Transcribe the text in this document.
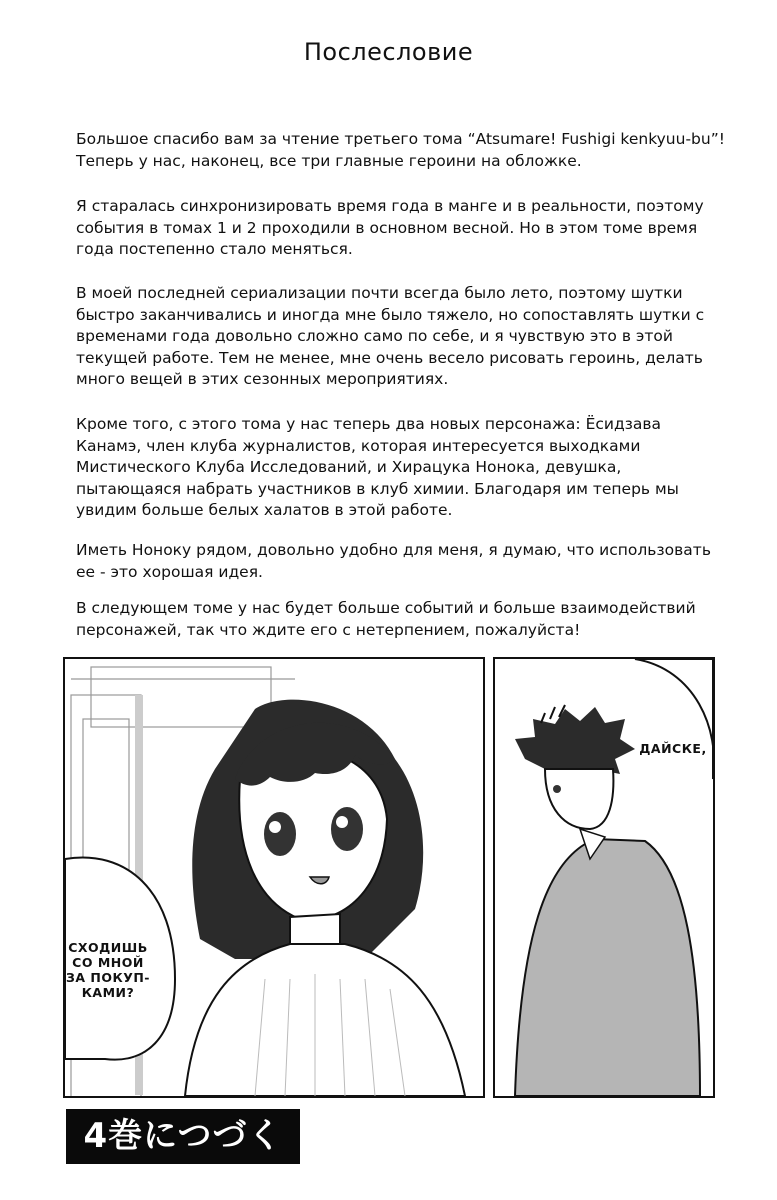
Послесловие

Большое спасибо вам за чтение третьего тома “Atsumare! Fushigi kenkyuu-bu”! Теперь у нас, наконец, все три главные героини на обложке.

Я старалась синхронизировать время года в манге и в реальности, поэтому события в томах 1 и 2 проходили в основном весной. Но в этом томе время года постепенно стало меняться.

В моей последней сериализации почти всегда было лето, поэтому шутки быстро заканчивались и иногда мне было тяжело, но сопоставлять шутки с временами года довольно сложно само по себе, и я чувствую это в этой текущей работе. Тем не менее, мне очень весело рисовать героинь, делать много вещей в этих сезонных мероприятиях.

Кроме того, с этого тома у нас теперь два новых персонажа: Ёсидзава Канамэ, член клуба журналистов, которая интересуется выходками Мистического Клуба Исследований, и Хирацука Нонока, девушка, пытающаяся набрать участников в клуб химии. Благодаря им теперь мы увидим больше белых халатов в этой работе.

Иметь Ноноку рядом, довольно удобно для меня, я думаю, что использовать ее - это хорошая идея.

В следующем томе у нас будет больше событий и больше взаимодействий персонажей, так что ждите его с нетерпением, пожалуйста!

СХОДИШЬ
СО МНОЙ
ЗА ПОКУП-
КАМИ?
ДАЙСКЕ,
4巻につづく
